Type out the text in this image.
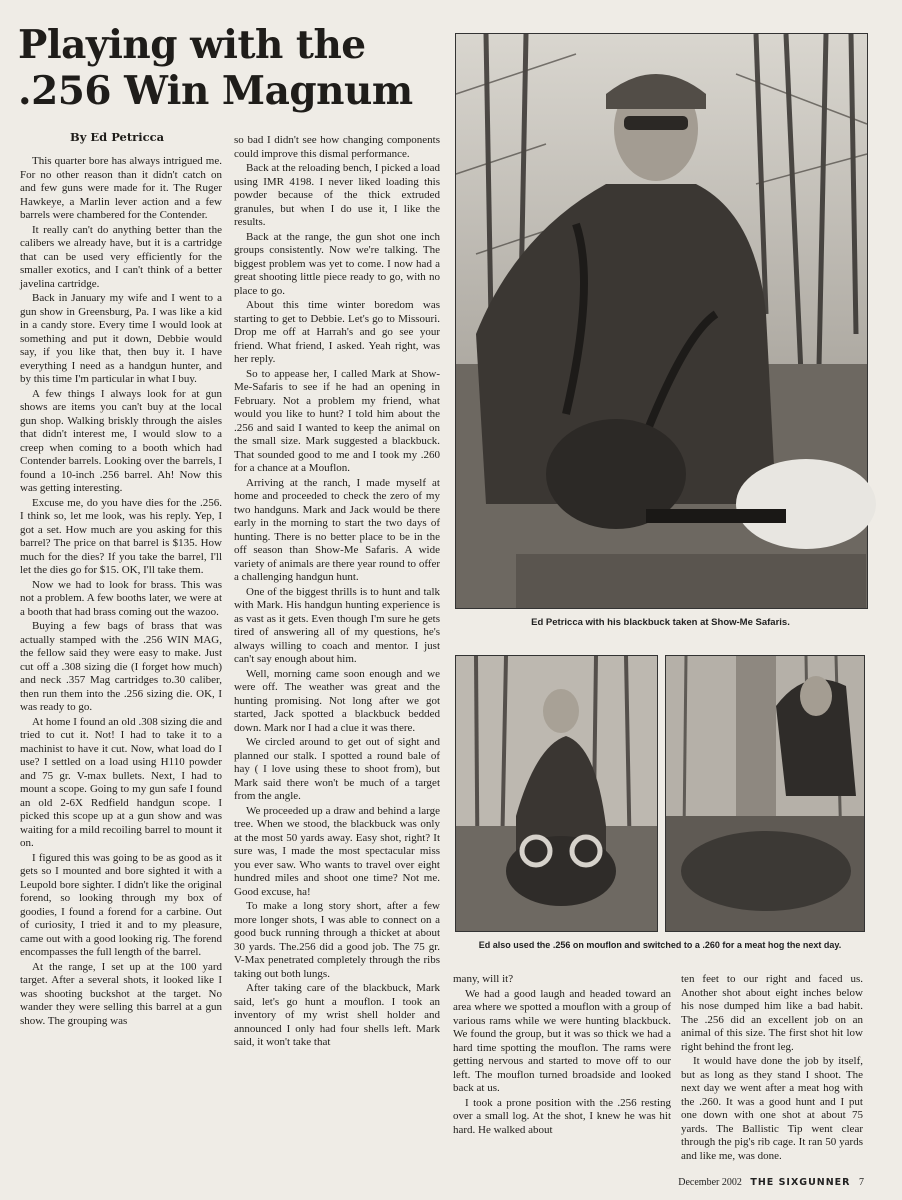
Playing with the
.256 Win Magnum
By Ed Petricca

This quarter bore has always intrigued me. For no other reason than it didn't catch on and few guns were made for it. The Ruger Hawkeye, a Marlin lever action and a few barrels were chambered for the Contender.

It really can't do anything better than the calibers we already have, but it is a cartridge that can be used very efficiently for the smaller exotics, and I can't think of a better javelina cartridge.

Back in January my wife and I went to a gun show in Greensburg, Pa. I was like a kid in a candy store. Every time I would look at something and put it down, Debbie would say, if you like that, then buy it. I have everything I need as a handgun hunter, and by this time I'm particular in what I buy.

A few things I always look for at gun shows are items you can't buy at the local gun shop. Walking briskly through the aisles that didn't interest me, I would slow to a creep when coming to a booth which had Contender barrels. Looking over the barrels, I found a 10-inch .256 barrel. Ah! Now this was getting interesting.

Excuse me, do you have dies for the .256. I think so, let me look, was his reply. Yep, I got a set. How much are you asking for this barrel? The price on that barrel is $135. How much for the dies? If you take the barrel, I'll let the dies go for $15. OK, I'll take them.

Now we had to look for brass. This was not a problem. A few booths later, we were at a booth that had brass coming out the wazoo.

Buying a few bags of brass that was actually stamped with the .256 WIN MAG, the fellow said they were easy to make. Just cut off a .308 sizing die (I forget how much) and neck .357 Mag cartridges to.30 caliber, then run them into the .256 sizing die. OK, I was ready to go.

At home I found an old .308 sizing die and tried to cut it. Not! I had to take it to a machinist to have it cut. Now, what load do I use? I settled on a load using H110 powder and 75 gr. V-max bullets. Next, I had to mount a scope. Going to my gun safe I found an old 2-6X Redfield handgun scope. I picked this scope up at a gun show and was waiting for a mild recoiling barrel to mount it on.

I figured this was going to be as good as it gets so I mounted and bore sighted it with a Leupold bore sighter. I didn't like the original forend, so looking through my box of goodies, I found a forend for a carbine. Out of curiosity, I tried it and to my pleasure, came out with a good looking rig. The forend encompasses the full length of the barrel.

At the range, I set up at the 100 yard target. After a several shots, it looked like I was shooting buckshot at the target. No wander they were selling this barrel at a gun show. The grouping was

so bad I didn't see how changing components could improve this dismal performance.

Back at the reloading bench, I picked a load using IMR 4198. I never liked loading this powder because of the thick extruded granules, but when I do use it, I like the results.

Back at the range, the gun shot one inch groups consistently. Now we're talking. The biggest problem was yet to come. I now had a great shooting little piece ready to go, with no place to go.

About this time winter boredom was starting to get to Debbie. Let's go to Missouri. Drop me off at Harrah's and go see your friend. What friend, I asked. Yeah right, was her reply.

So to appease her, I called Mark at Show-Me-Safaris to see if he had an opening in February. Not a problem my friend, what would you like to hunt? I told him about the .256 and said I wanted to keep the animal on the small size. Mark suggested a blackbuck. That sounded good to me and I took my .260 for a chance at a Mouflon.

Arriving at the ranch, I made myself at home and proceeded to check the zero of my two handguns. Mark and Jack would be there early in the morning to start the two days of hunting. There is no better place to be in the off season than Show-Me Safaris. A wide variety of animals are there year round to offer a challenging handgun hunt.

One of the biggest thrills is to hunt and talk with Mark. His handgun hunting experience is as vast as it gets. Even though I'm sure he gets tired of answering all of my questions, he's always willing to coach and mentor. I just can't say enough about him.

Well, morning came soon enough and we were off. The weather was great and the hunting promising. Not long after we got started, Jack spotted a blackbuck bedded down. Mark nor I had a clue it was there.

We circled around to get out of sight and planned our stalk. I spotted a round bale of hay ( I love using these to shoot from), but Mark said there won't be much of a target from the angle.

We proceeded up a draw and behind a large tree. When we stood, the blackbuck was only at the most 50 yards away. Easy shot, right? It sure was, I made the most spectacular miss you ever saw. Who wants to travel over eight hundred miles and shoot one time? Not me. Good excuse, ha!

To make a long story short, after a few more longer shots, I was able to connect on a good buck running through a thicket at about 30 yards. The.256 did a good job. The 75 gr. V-Max penetrated completely through the ribs taking out both lungs.

After taking care of the blackbuck, Mark said, let's go hunt a mouflon. I took an inventory of my wrist shell holder and announced I only had four shells left. Mark said, it won't take that

many, will it?

We had a good laugh and headed toward an area where we spotted a mouflon with a group of various rams while we were hunting blackbuck. We found the group, but it was so thick we had a hard time spotting the mouflon. The rams were getting nervous and started to move off to our left. The mouflon turned broadside and looked back at us.

I took a prone position with the .256 resting over a small log. At the shot, I knew he was hit hard. He walked about

ten feet to our right and faced us. Another shot about eight inches below his nose dumped him like a bad habit. The .256 did an excellent job on an animal of this size. The first shot hit low right behind the front leg.

It would have done the job by itself, but as long as they stand I shoot. The next day we went after a meat hog with the .260. It was a good hunt and I put one down with one shot at about 75 yards. The Ballistic Tip went clear through the pig's rib cage. It ran 50 yards and like me, was done.

Ed Petricca with his blackbuck taken at Show-Me Safaris.
Ed also used the .256 on mouflon and switched to a .260 for a meat hog the next day.
December 2002 THE SIXGUNNER 7
